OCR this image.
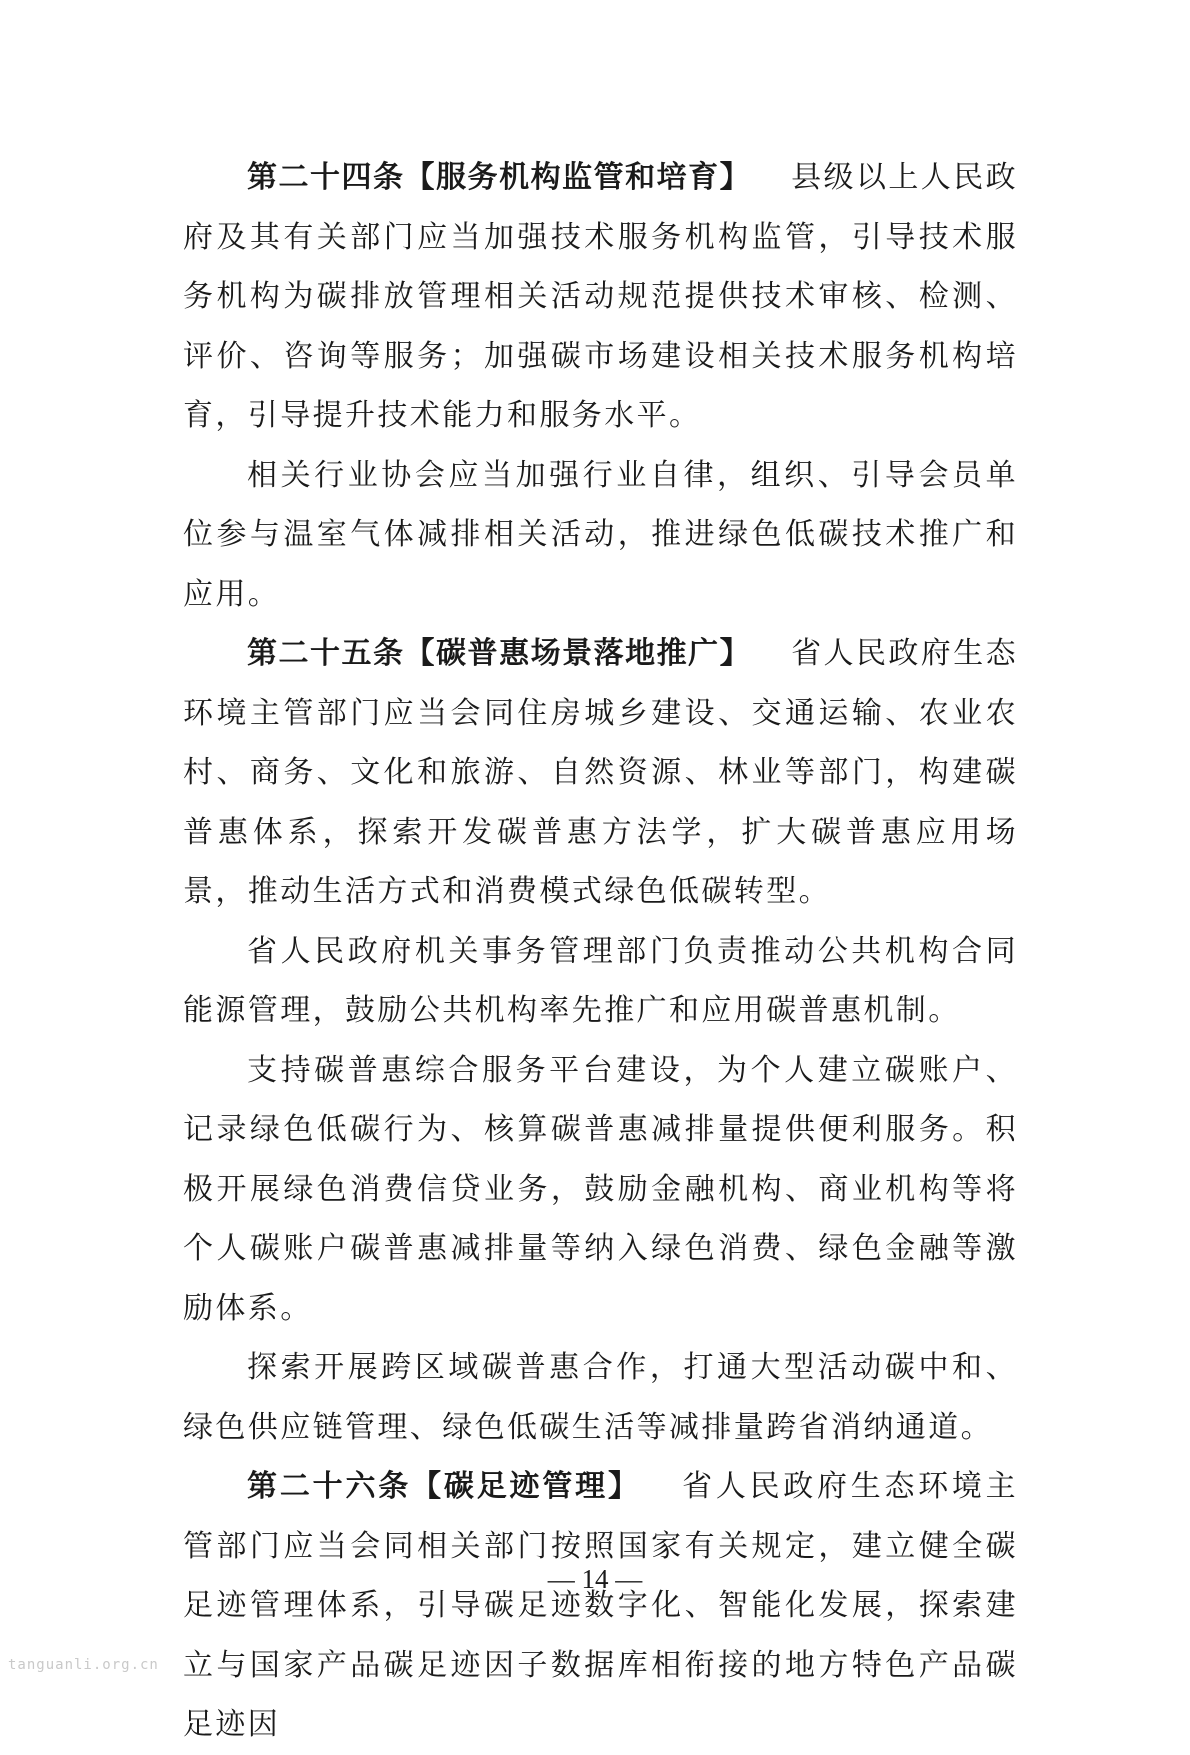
第二十四条【服务机构监管和培育】 县级以上人民政府及其有关部门应当加强技术服务机构监管，引导技术服务机构为碳排放管理相关活动规范提供技术审核、检测、评价、咨询等服务；加强碳市场建设相关技术服务机构培育，引导提升技术能力和服务水平。

相关行业协会应当加强行业自律，组织、引导会员单位参与温室气体减排相关活动，推进绿色低碳技术推广和应用。

第二十五条【碳普惠场景落地推广】 省人民政府生态环境主管部门应当会同住房城乡建设、交通运输、农业农村、商务、文化和旅游、自然资源、林业等部门，构建碳普惠体系，探索开发碳普惠方法学，扩大碳普惠应用场景，推动生活方式和消费模式绿色低碳转型。

省人民政府机关事务管理部门负责推动公共机构合同能源管理，鼓励公共机构率先推广和应用碳普惠机制。

支持碳普惠综合服务平台建设，为个人建立碳账户、记录绿色低碳行为、核算碳普惠减排量提供便利服务。积极开展绿色消费信贷业务，鼓励金融机构、商业机构等将个人碳账户碳普惠减排量等纳入绿色消费、绿色金融等激励体系。

探索开展跨区域碳普惠合作，打通大型活动碳中和、绿色供应链管理、绿色低碳生活等减排量跨省消纳通道。

第二十六条【碳足迹管理】 省人民政府生态环境主管部门应当会同相关部门按照国家有关规定，建立健全碳足迹管理体系，引导碳足迹数字化、智能化发展，探索建立与国家产品碳足迹因子数据库相衔接的地方特色产品碳足迹因

— 14 —
tanguanli.org.cn
